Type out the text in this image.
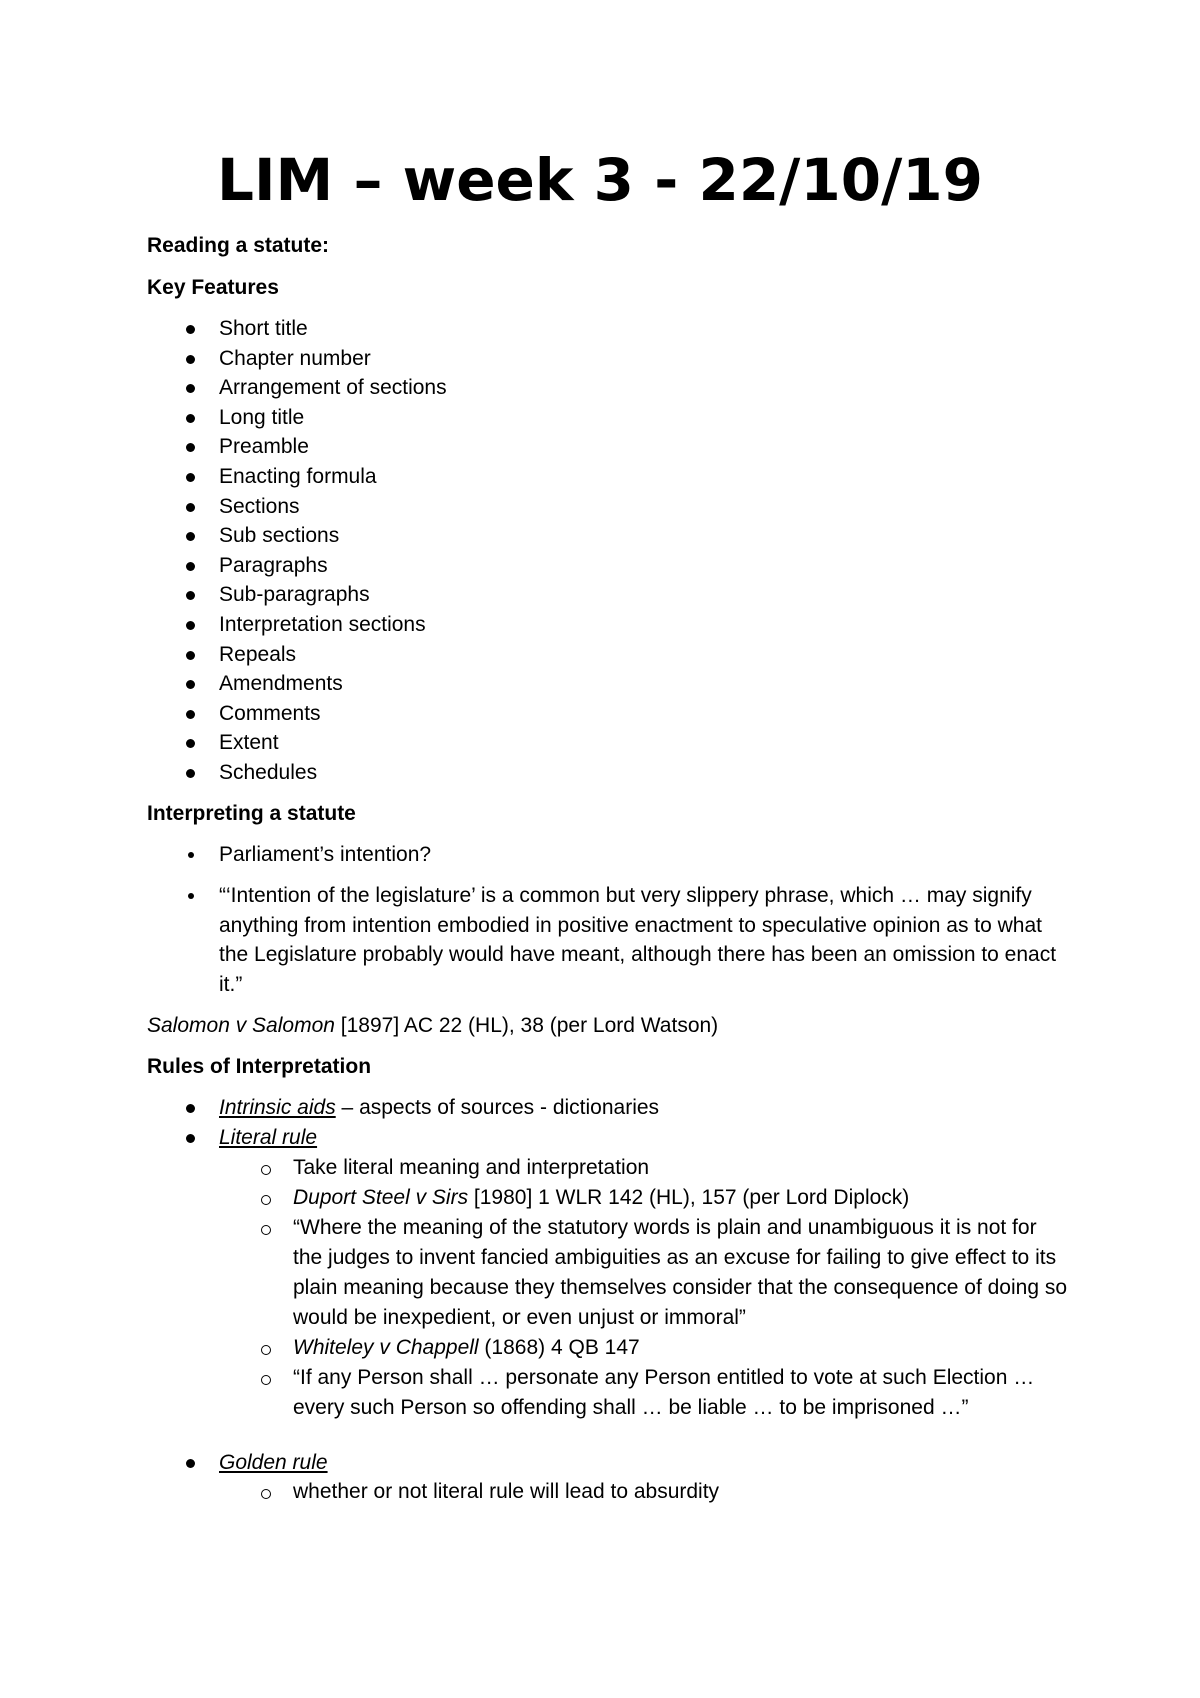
LIM – week 3 - 22/10/19
Reading a statute:
Key Features
Short title
Chapter number
Arrangement of sections
Long title
Preamble
Enacting formula
Sections
Sub sections
Paragraphs
Sub-paragraphs
Interpretation sections
Repeals
Amendments
Comments
Extent
Schedules
Interpreting a statute
Parliament’s intention?
“‘Intention of the legislature’ is a common but very slippery phrase, which … may signify anything from intention embodied in positive enactment to speculative opinion as to what the Legislature probably would have meant, although there has been an omission to enact it.”
Salomon v Salomon [1897] AC 22 (HL), 38 (per Lord Watson)
Rules of Interpretation
Intrinsic aids – aspects of sources - dictionaries
Literal rule
Take literal meaning and interpretation
Duport Steel v Sirs [1980] 1 WLR 142 (HL), 157 (per Lord Diplock)
“Where the meaning of the statutory words is plain and unambiguous it is not for the judges to invent fancied ambiguities as an excuse for failing to give effect to its plain meaning because they themselves consider that the consequence of doing so would be inexpedient, or even unjust or immoral”
Whiteley v Chappell (1868) 4 QB 147
“If any Person shall … personate any Person entitled to vote at such Election … every such Person so offending shall … be liable … to be imprisoned …”
Golden rule
whether or not literal rule will lead to absurdity
